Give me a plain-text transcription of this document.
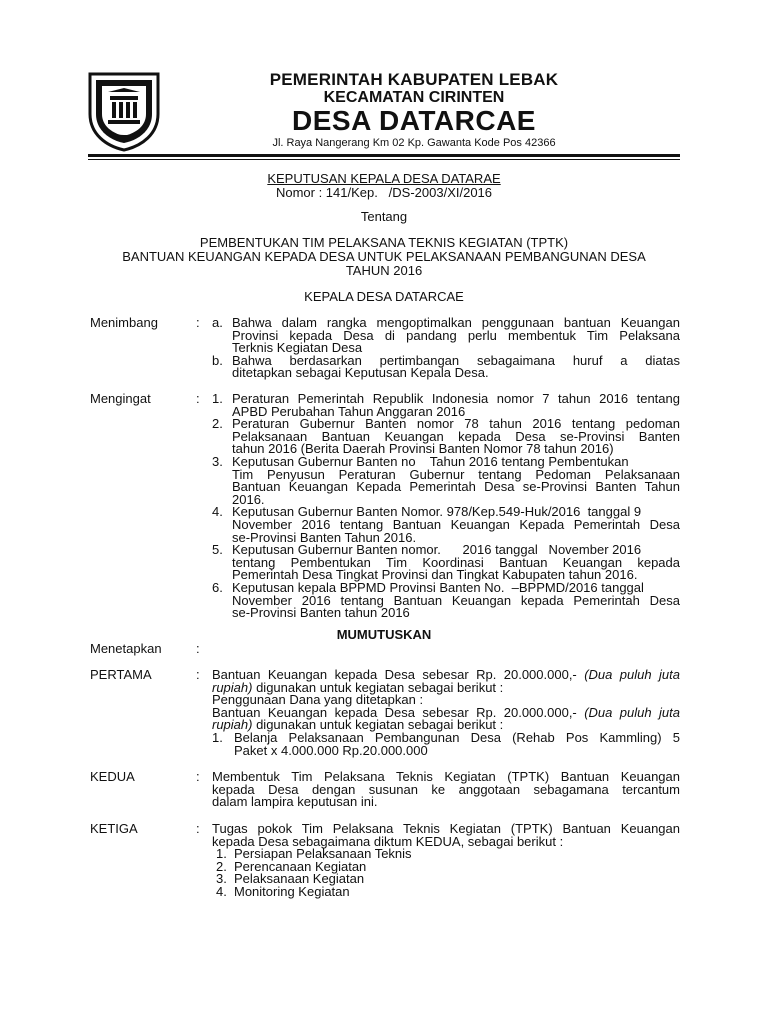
PEMERINTAH KABUPATEN LEBAK
KECAMATAN CIRINTEN
DESA DATARCAE
Jl. Raya Nangerang Km 02 Kp. Gawanta Kode Pos 42366
KEPUTUSAN KEPALA DESA DATARAE
Nomor : 141/Kep.   /DS-2003/XI/2016
Tentang
PEMBENTUKAN TIM PELAKSANA TEKNIS KEGIATAN (TPTK)
BANTUAN KEUANGAN KEPADA DESA UNTUK PELAKSANAAN PEMBANGUNAN DESA
TAHUN 2016
KEPALA DESA DATARCAE
Menimbang	: a. Bahwa dalam rangka mengoptimalkan penggunaan bantuan Keuangan
Provinsi kepada Desa di pandang perlu membentuk Tim Pelaksana
Terknis Kegiatan Desa
b. Bahwa berdasarkan pertimbangan sebagaimana huruf a diatas
ditetapkan sebagai Keputusan Kepala Desa.
Mengingat	: 1. Peraturan Pemerintah Republik Indonesia nomor 7 tahun 2016 tentang
APBD Perubahan Tahun Anggaran 2016
2. Peraturan Gubernur Banten nomor 78 tahun 2016 tentang pedoman
Pelaksanaan Bantuan Keuangan kepada Desa se-Provinsi Banten
tahun 2016 (Berita Daerah Provinsi Banten Nomor 78 tahun 2016)
3. Keputusan Gubernur Banten no    Tahun 2016 tentang Pembentukan
Tim Penyusun Peraturan Gubernur tentang Pedoman Pelaksanaan
Bantuan Keuangan Kepada Pemerintah Desa se-Provinsi Banten Tahun
2016.
4. Keputusan Gubernur Banten Nomor. 978/Kep.549-Huk/2016  tanggal 9
November 2016 tentang Bantuan Keuangan Kepada Pemerintah Desa
se-Provinsi Banten Tahun 2016.
5. Keputusan Gubernur Banten nomor.      2016 tanggal   November 2016
tentang Pembentukan Tim Koordinasi Bantuan Keuangan kepada
Pemerintah Desa Tingkat Provinsi dan Tingkat Kabupaten tahun 2016.
6. Keputusan kepala BPPMD Provinsi Banten No.  –BPPMD/2016 tanggal
November 2016 tentang Bantuan Keuangan kepada Pemerintah Desa
se-Provinsi Banten tahun 2016
MUMUTUSKAN
Menetapkan	:
PERTAMA	: Bantuan Keuangan kepada Desa sebesar Rp. 20.000.000,- (Dua puluh juta
rupiah) digunakan untuk kegiatan sebagai berikut :
Penggunaan Dana yang ditetapkan :
Bantuan Keuangan kepada Desa sebesar Rp. 20.000.000,- (Dua puluh juta
rupiah) digunakan untuk kegiatan sebagai berikut :
1. Belanja Pelaksanaan Pembangunan Desa (Rehab Pos Kammling) 5
Paket x 4.000.000 Rp.20.000.000
KEDUA	: Membentuk Tim Pelaksana Teknis Kegiatan (TPTK) Bantuan Keuangan
kepada Desa dengan susunan ke anggotaan sebagamana tercantum
dalam lampira keputusan ini.
KETIGA	: Tugas pokok Tim Pelaksana Teknis Kegiatan (TPTK) Bantuan Keuangan
kepada Desa sebagaimana diktum KEDUA, sebagai berikut :
1. Persiapan Pelaksanaan Teknis
2. Perencanaan Kegiatan
3. Pelaksanaan Kegiatan
4. Monitoring Kegiatan
